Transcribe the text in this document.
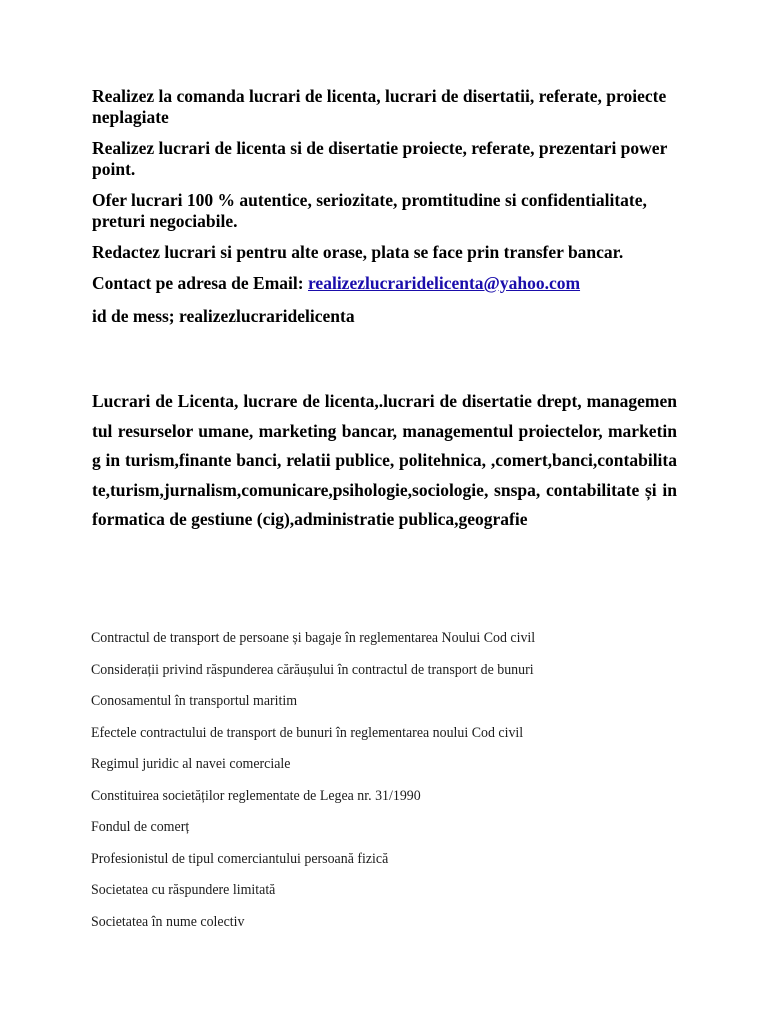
Realizez la comanda lucrari de licenta, lucrari de disertatii, referate, proiecte neplagiate

Realizez lucrari de licenta si de disertatie proiecte, referate, prezentari power point.

Ofer lucrari 100 % autentice, seriozitate, promtitudine si confidentialitate, preturi negociabile.

Redactez lucrari si pentru alte orase, plata se face prin transfer bancar.

Contact pe adresa de Email: realizezlucraridelicenta@yahoo.com

id de mess; realizezlucraridelicenta

Lucrari de Licenta, lucrare de licenta,.lucrari de disertatie drept, managementul resurselor umane, marketing bancar, managementul proiectelor, marketing in turism,finante banci, relatii publice, politehnica, ,comert,banci,contabilitate,turism,jurnalism,comunicare,psihologie,sociologie, snspa, contabilitate și informatica de gestiune (cig),administratie publica,geografie

Contractul de transport de persoane și bagaje în reglementarea Noului Cod civil
Considerații privind răspunderea cărăușului în contractul de transport de bunuri
Conosamentul în transportul maritim
Efectele contractului de transport de bunuri în reglementarea noului Cod civil
Regimul juridic al navei comerciale
Constituirea societăților reglementate de Legea nr. 31/1990
Fondul de comerț
Profesionistul de tipul comerciantului persoană fizică
Societatea cu răspundere limitată
Societatea în nume colectiv
